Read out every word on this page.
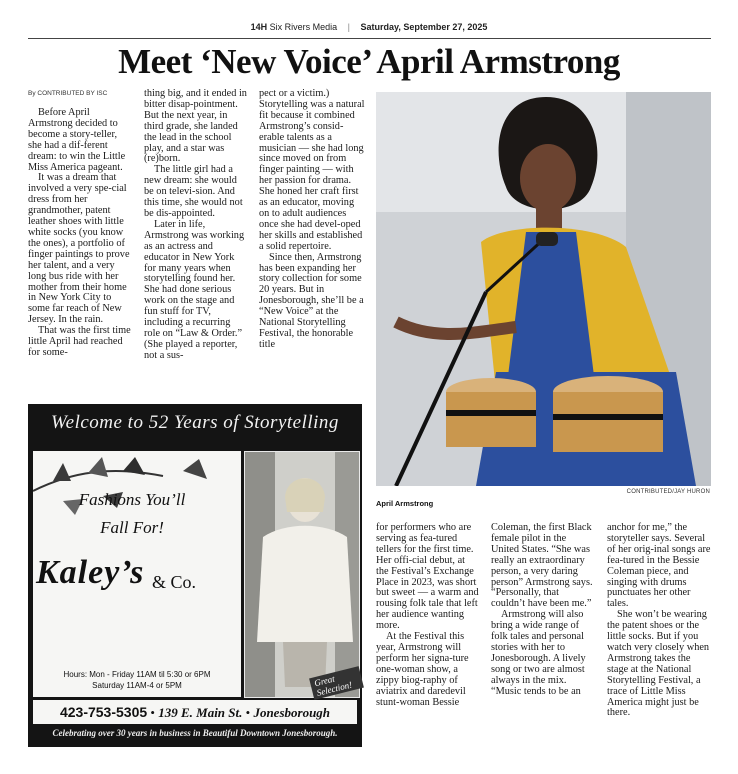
14H Six Rivers Media | Saturday, September 27, 2025
Meet ‘New Voice’ April Armstrong
By CONTRIBUTED BY ISC

Before April Armstrong decided to become a story-teller, she had a dif-ferent dream: to win the Little Miss America pageant.

It was a dream that involved a very spe-cial dress from her grandmother, patent leather shoes with little white socks (you know the ones), a portfolio of finger paintings to prove her talent, and a very long bus ride with her mother from their home in New York City to some far reach of New Jersey. In the rain.

That was the first time little April had reached for some-

thing big, and it ended in bitter disap-pointment. But the next year, in third grade, she landed the lead in the school play, and a star was (re)born.

The little girl had a new dream: she would be on televi-sion. And this time, she would not be dis-appointed.

Later in life, Armstrong was working as an actress and educator in New York for many years when storytelling found her. She had done serious work on the stage and fun stuff for TV, including a recurring role on “Law & Order.” (She played a reporter, not a sus-

pect or a victim.) Storytelling was a natural fit because it combined Armstrong’s consid-erable talents as a musician — she had long since moved on from finger painting — with her passion for drama. She honed her craft first as an educator, moving on to adult audiences once she had devel-oped her skills and established a solid repertoire.

Since then, Armstrong has been expanding her story collection for some 20 years. But in Jonesborough, she’ll be a “New Voice” at the National Storytelling Festival, the honorable title

CONTRIBUTED/JAY HURON
April Armstrong

for performers who are serving as fea-tured tellers for the first time. Her offi-cial debut, at the Festival’s Exchange Place in 2023, was short but sweet — a warm and rousing folk tale that left her audience wanting more.

At the Festival this year, Armstrong will perform her signa-ture one-woman show, a zippy biog-raphy of aviatrix and daredevil stunt-woman Bessie

Coleman, the first Black female pilot in the United States. “She was really an extraordinary person, a very daring person” Armstrong says. “Personally, that couldn’t have been me.”

Armstrong will also bring a wide range of folk tales and personal stories with her to Jonesborough. A lively song or two are almost always in the mix. “Music tends to be an

anchor for me,” the storyteller says. Several of her orig-inal songs are fea-tured in the Bessie Coleman piece, and singing with drums punctuates her other tales.

She won’t be wearing the patent shoes or the little socks. But if you watch very closely when Armstrong takes the stage at the National Storytelling Festival, a trace of Little Miss America might just be there.

Welcome to 52 Years of Storytelling
Fashions You’ll
Fall For!
Kaley’s & Co.
Great Selection!
Hours: Mon - Friday 11AM til 5:30 or 6PM
Saturday 11AM-4 or 5PM
423-753-5305 • 139 E. Main St. • Jonesborough
Celebrating over 30 years in business in Beautiful Downtown Jonesborough.
